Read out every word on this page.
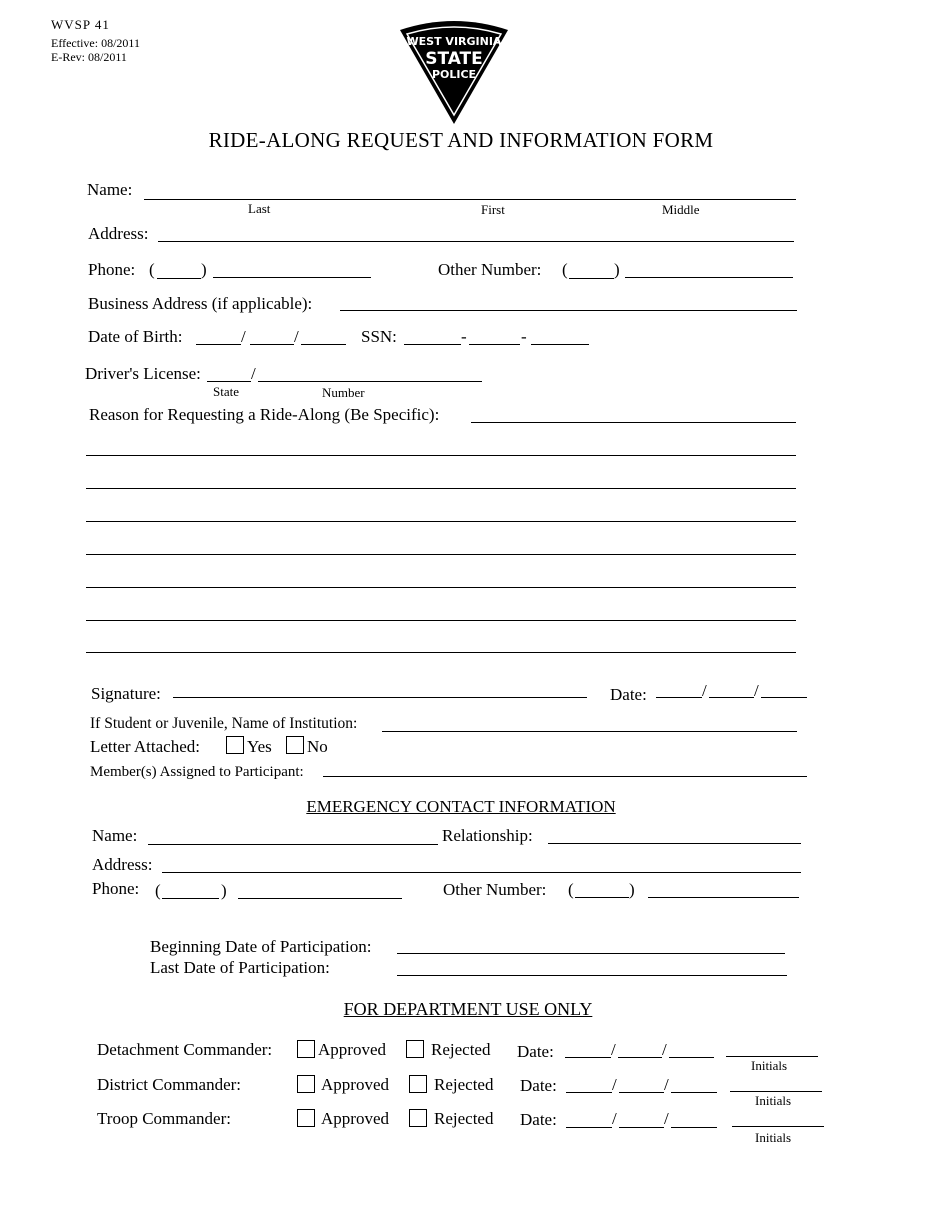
WVSP 41
Effective: 08/2011
E-Rev: 08/2011
WEST VIRGINIA
STATE
POLICE
RIDE-ALONG REQUEST AND INFORMATION FORM
Name:
Last	First	Middle
Address:
Phone: (	)	Other Number: (	)
Business Address (if applicable):
Date of Birth:	/	/	SSN:	-	-
Driver's License:	/
State	Number
Reason for Requesting a Ride-Along (Be Specific):
Signature:	Date:	/	/
If Student or Juvenile, Name of Institution:
Letter Attached:	Yes No
Member(s) Assigned to Participant:
EMERGENCY CONTACT INFORMATION
Name:	Relationship:
Address:
Phone: (	)	Other Number: (	)
Beginning Date of Participation:
Last Date of Participation:
FOR DEPARTMENT USE ONLY
Detachment Commander:	Approved	Rejected Date:	/	/
Initials
District Commander:	Approved	Rejected Date:	/	/
Initials
Troop Commander:	Approved	Rejected Date:	/	/
Initials
